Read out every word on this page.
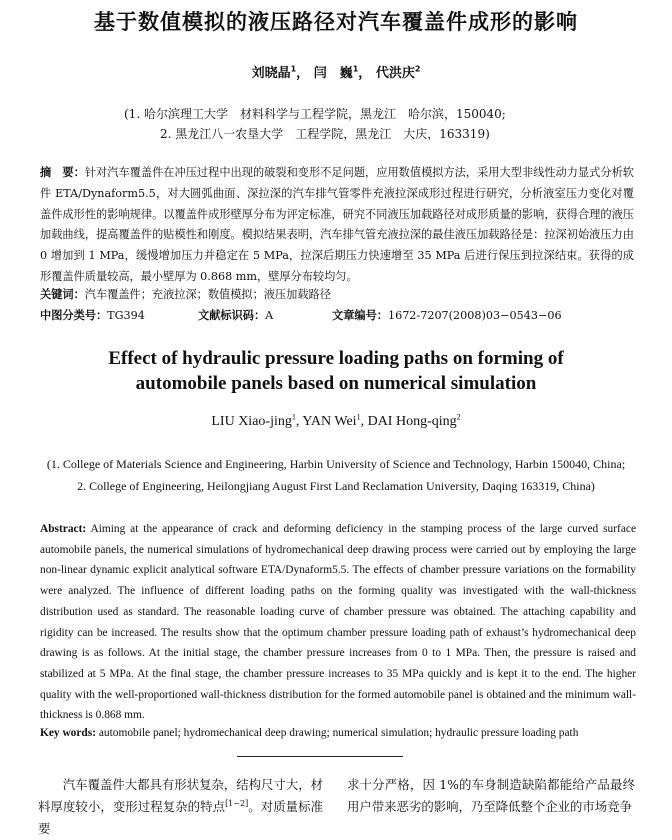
基于数值模拟的液压路径对汽车覆盖件成形的影响
刘晓晶$^1$， 闫　巍$^1$， 代洪庆$^2$
(1. 哈尔滨理工大学　材料科学与工程学院，黑龙江　哈尔滨，150040;
2. 黑龙江八一农垦大学　工程学院，黑龙江　大庆，163319)
摘　要：针对汽车覆盖件在冲压过程中出现的破裂和变形不足问题，应用数值模拟方法，采用大型非线性动力显式分析软件 ETA/Dynaform5.5，对大圆弧曲面、深拉深的汽车排气管零件充液拉深成形过程进行研究，分析液室压力变化对覆盖件成形性的影响规律。以覆盖件成形壁厚分布为评定标准，研究不同液压加载路径对成形质量的影响，获得合理的液压加载曲线，提高覆盖件的贴模性和刚度。模拟结果表明，汽车排气管充液拉深的最佳液压加载路径是：拉深初始液压力由 0 增加到 1 MPa，缓慢增加压力并稳定在 5 MPa，拉深后期压力快速增至 35 MPa 后进行保压到拉深结束。获得的成形覆盖件质量较高，最小壁厚为 0.868 mm，壁厚分布较均匀。
关键词：汽车覆盖件；充液拉深；数值模拟；液压加载路径
中图分类号：TG394	文献标识码：A	文章编号：1672-7207(2008)03−0543−06
Effect of hydraulic pressure loading paths on forming of
automobile panels based on numerical simulation
LIU Xiao-jing$^1$, YAN Wei$^1$, DAI Hong-qing$^2$
(1. College of Materials Science and Engineering, Harbin University of Science and Technology, Harbin 150040, China;
2. College of Engineering, Heilongjiang August First Land Reclamation University, Daqing 163319, China)
Abstract: Aiming at the appearance of crack and deforming deficiency in the stamping process of the large curved surface automobile panels, the numerical simulations of hydromechanical deep drawing process were carried out by employing the large non-linear dynamic explicit analytical software ETA/Dynaform5.5. The effects of chamber pressure variations on the formability were analyzed. The influence of different loading paths on the forming quality was investigated with the wall-thickness distribution used as standard. The reasonable loading curve of chamber pressure was obtained. The attaching capability and rigidity can be increased. The results show that the optimum chamber pressure loading path of exhaust’s hydromechanical deep drawing is as follows. At the initial stage, the chamber pressure increases from 0 to 1 MPa. Then, the pressure is raised and stabilized at 5 MPa. At the final stage, the chamber pressure increases to 35 MPa quickly and is kept it to the end. The higher quality with the well-proportioned wall-thickness distribution for the formed automobile panel is obtained and the minimum wall-thickness is 0.868 mm.
Key words: automobile panel; hydromechanical deep drawing; numerical simulation; hydraulic pressure loading path
汽车覆盖件大都具有形状复杂，结构尺寸大，材料厚度较小，变形过程复杂的特点[1−2]。对质量标准要
求十分严格，因 1%的车身制造缺陷都能给产品最终用户带来恶劣的影响，乃至降低整个企业的市场竞争
